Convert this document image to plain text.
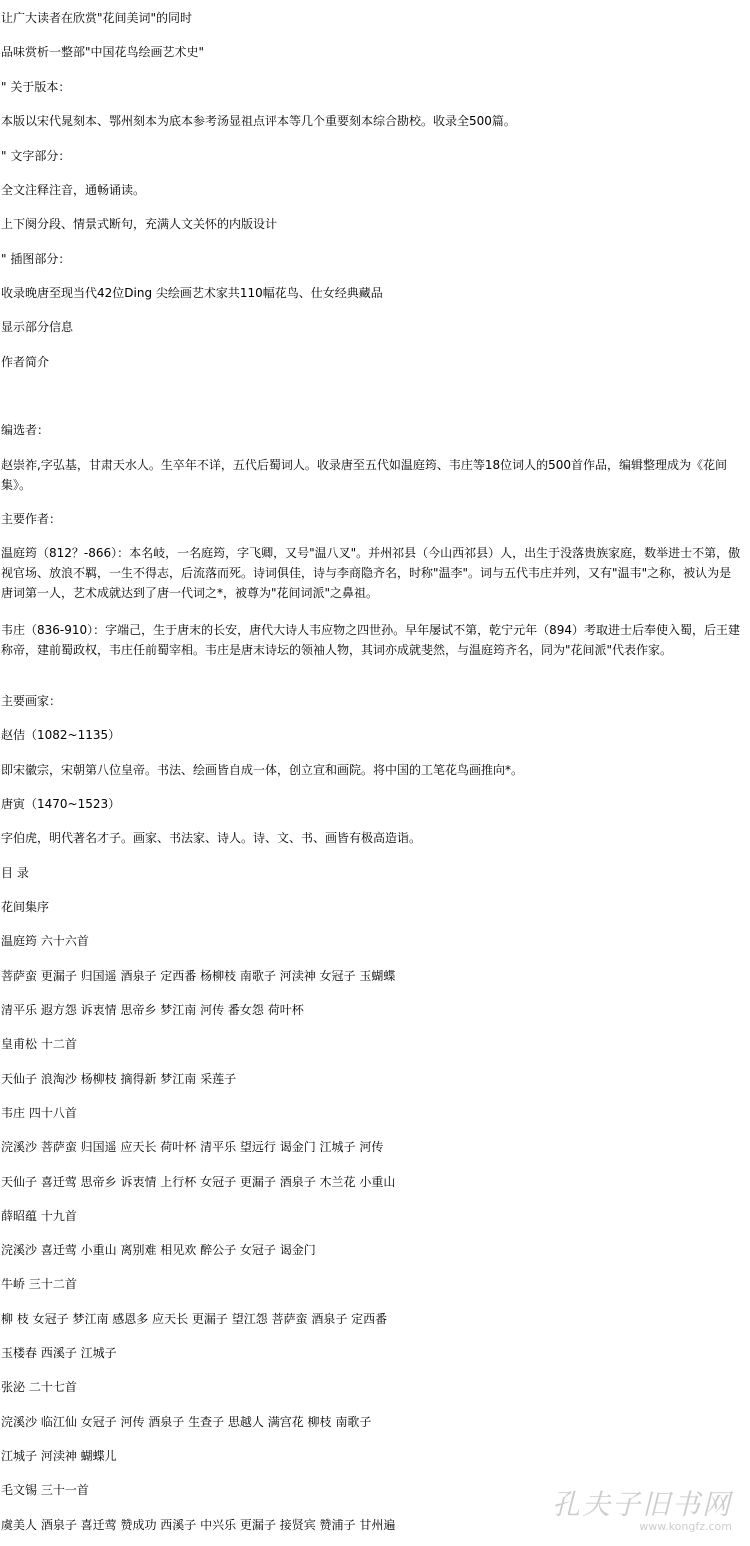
让广大读者在欣赏"花间美词"的同时
品味赏析一整部"中国花鸟绘画艺术史"
" 关于版本：
本版以宋代晁刻本、鄂州刻本为底本参考汤显祖点评本等几个重要刻本综合勘校。收录全500篇。
" 文字部分：
全文注释注音，通畅诵读。
上下阕分段、情景式断句，充满人文关怀的内版设计
" 插图部分：
收录晚唐至现当代42位Ding 尖绘画艺术家共110幅花鸟、仕女经典藏品
显示部分信息
作者简介
编选者：
赵崇祚,字弘基，甘肃天水人。生卒年不详，五代后蜀词人。收录唐至五代如温庭筠、韦庄等18位词人的500首作品，编辑整理成为《花间集》。
主要作者：
温庭筠（812？-866）：本名岐，一名庭筠，字飞卿，又号"温八叉"。并州祁县（今山西祁县）人，出生于没落贵族家庭，数举进士不第，傲视官场、放浪不羁，一生不得志，后流落而死。诗词俱佳，诗与李商隐齐名，时称"温李"。词与五代韦庄并列，又有"温韦"之称，被认为是唐词第一人，艺术成就达到了唐一代词之*，被尊为"花间词派"之鼻祖。
韦庄（836-910）：字端己，生于唐末的长安，唐代大诗人韦应物之四世孙。早年屡试不第，乾宁元年（894）考取进士后奉使入蜀，后王建称帝，建前蜀政权，韦庄任前蜀宰相。韦庄是唐末诗坛的领袖人物，其词亦成就斐然，与温庭筠齐名，同为"花间派"代表作家。
主要画家：
赵佶（1082~1135）
即宋徽宗，宋朝第八位皇帝。书法、绘画皆自成一体，创立宣和画院。将中国的工笔花鸟画推向*。
唐寅（1470~1523）
字伯虎，明代著名才子。画家、书法家、诗人。诗、文、书、画皆有极高造诣。
目 录
花间集序
温庭筠 六十六首
菩萨蛮 更漏子 归国遥 酒泉子 定西番 杨柳枝 南歌子 河渎神 女冠子 玉蝴蝶
清平乐 遐方怨 诉衷情 思帝乡 梦江南 河传 番女怨 荷叶杯
皇甫松 十二首
天仙子 浪淘沙 杨柳枝 摘得新 梦江南 采莲子
韦庄 四十八首
浣溪沙 菩萨蛮 归国遥 应天长 荷叶杯 清平乐 望远行 谒金门 江城子 河传
天仙子 喜迁莺 思帝乡 诉衷情 上行杯 女冠子 更漏子 酒泉子 木兰花 小重山
薛昭蕴 十九首
浣溪沙 喜迁莺 小重山 离别难 相见欢 醉公子 女冠子 谒金门
牛峤 三十二首
柳 枝 女冠子 梦江南 感恩多 应天长 更漏子 望江怨 菩萨蛮 酒泉子 定西番
玉楼春 西溪子 江城子
张泌 二十七首
浣溪沙 临江仙 女冠子 河传 酒泉子 生查子 思越人 满宫花 柳枝 南歌子
江城子 河渎神 蝴蝶儿
毛文锡 三十一首
虞美人 酒泉子 喜迁莺 赞成功 西溪子 中兴乐 更漏子 接贤宾 赞浦子 甘州遍
孔夫子旧书网
www.kongfz.com
